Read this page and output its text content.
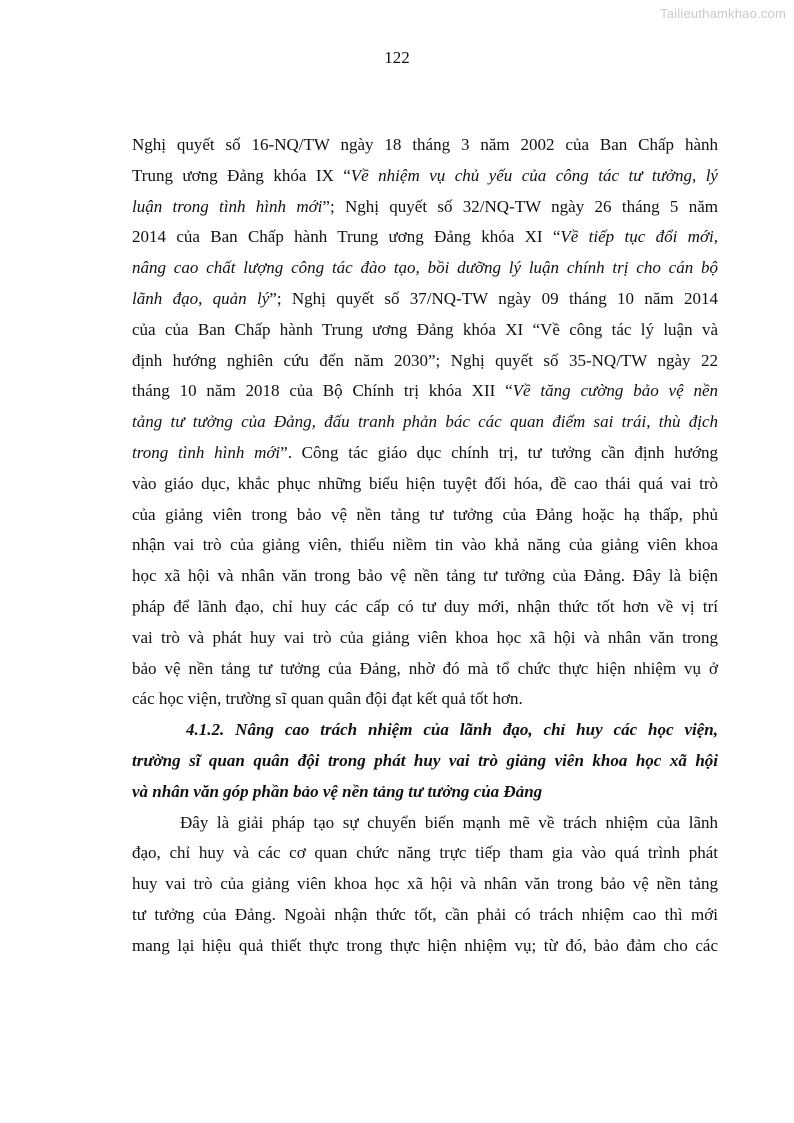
Tailieuthamkhao.com
122
Nghị quyết số 16-NQ/TW ngày 18 tháng 3 năm 2002 của Ban Chấp hành
Trung ương Đảng khóa IX “Về nhiệm vụ chủ yếu của công tác tư tưởng, lý
luận trong tình hình mới”; Nghị quyết số 32/NQ-TW ngày 26 tháng 5 năm
2014 của Ban Chấp hành Trung ương Đảng khóa XI “Về tiếp tục đổi mới,
nâng cao chất lượng công tác đào tạo, bồi dưỡng lý luận chính trị cho cán bộ
lãnh đạo, quản lý”; Nghị quyết số 37/NQ-TW ngày 09 tháng 10 năm 2014
của của Ban Chấp hành Trung ương Đảng khóa XI “Về công tác lý luận và
định hướng nghiên cứu đến năm 2030”; Nghị quyết số 35-NQ/TW ngày 22
tháng 10 năm 2018 của Bộ Chính trị khóa XII “Về tăng cường bảo vệ nền
tảng tư tưởng của Đảng, đấu tranh phản bác các quan điểm sai trái, thù địch
trong tình hình mới”. Công tác giáo dục chính trị, tư tưởng cần định hướng
vào giáo dục, khắc phục những biểu hiện tuyệt đối hóa, đề cao thái quá vai trò
của giảng viên trong bảo vệ nền tảng tư tưởng của Đảng hoặc hạ thấp, phủ
nhận vai trò của giảng viên, thiếu niềm tin vào khả năng của giảng viên khoa
học xã hội và nhân văn trong bảo vệ nền tảng tư tưởng của Đảng. Đây là biện
pháp để lãnh đạo, chỉ huy các cấp có tư duy mới, nhận thức tốt hơn về vị trí
vai trò và phát huy vai trò của giảng viên khoa học xã hội và nhân văn trong
bảo vệ nền tảng tư tưởng của Đảng, nhờ đó mà tổ chức thực hiện nhiệm vụ ở
các học viện, trường sĩ quan quân đội đạt kết quả tốt hơn.
4.1.2. Nâng cao trách nhiệm của lãnh đạo, chỉ huy các học viện,
trường sĩ quan quân đội trong phát huy vai trò giảng viên khoa học xã hội
và nhân văn góp phần bảo vệ nền tảng tư tưởng của Đảng
Đây là giải pháp tạo sự chuyển biến mạnh mẽ về trách nhiệm của lãnh
đạo, chỉ huy và các cơ quan chức năng trực tiếp tham gia vào quá trình phát
huy vai trò của giảng viên khoa học xã hội và nhân văn trong bảo vệ nền tảng
tư tưởng của Đảng. Ngoài nhận thức tốt, cần phải có trách nhiệm cao thì mới
mang lại hiệu quả thiết thực trong thực hiện nhiệm vụ; từ đó, bảo đảm cho các
